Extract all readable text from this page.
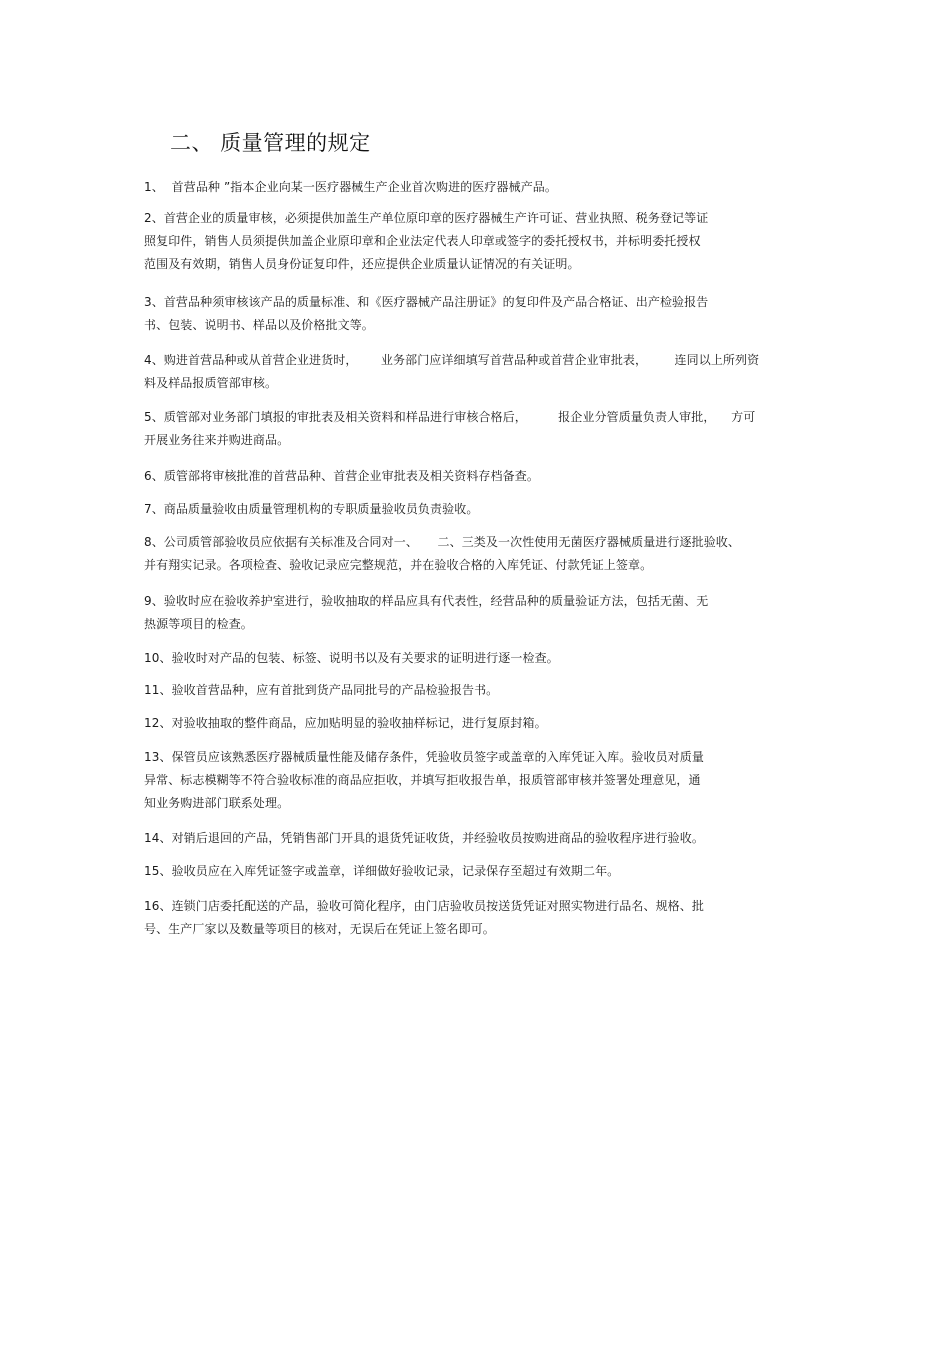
二、 质量管理的规定
1、  首营品种 ”指本企业向某一医疗器械生产企业首次购进的医疗器械产品。
2、首营企业的质量审核，必须提供加盖生产单位原印章的医疗器械生产许可证、营业执照、税务登记等证
照复印件，销售人员须提供加盖企业原印章和企业法定代表人印章或签字的委托授权书，并标明委托授权
范围及有效期，销售人员身份证复印件，还应提供企业质量认证情况的有关证明。
3、首营品种须审核该产品的质量标准、和《医疗器械产品注册证》的复印件及产品合格证、出产检验报告
书、包装、说明书、样品以及价格批文等。
4、购进首营品种或从首营企业进货时，      业务部门应详细填写首营品种或首营企业审批表，       连同以上所列资
料及样品报质管部审核。
5、质管部对业务部门填报的审批表及相关资料和样品进行审核合格后，        报企业分管质量负责人审批，    方可
开展业务往来并购进商品。
6、质管部将审核批准的首营品种、首营企业审批表及相关资料存档备查。
7、商品质量验收由质量管理机构的专职质量验收员负责验收。
8、公司质管部验收员应依据有关标准及合同对一、     二、三类及一次性使用无菌医疗器械质量进行逐批验收、
并有翔实记录。各项检查、验收记录应完整规范，并在验收合格的入库凭证、付款凭证上签章。
9、验收时应在验收养护室进行，验收抽取的样品应具有代表性，经营品种的质量验证方法，包括无菌、无
热源等项目的检查。
10、验收时对产品的包装、标签、说明书以及有关要求的证明进行逐一检查。
11、验收首营品种，应有首批到货产品同批号的产品检验报告书。
12、对验收抽取的整件商品，应加贴明显的验收抽样标记，进行复原封箱。
13、保管员应该熟悉医疗器械质量性能及储存条件，凭验收员签字或盖章的入库凭证入库。验收员对质量
异常、标志模糊等不符合验收标准的商品应拒收，并填写拒收报告单，报质管部审核并签署处理意见，通
知业务购进部门联系处理。
14、对销后退回的产品，凭销售部门开具的退货凭证收货，并经验收员按购进商品的验收程序进行验收。
15、验收员应在入库凭证签字或盖章，详细做好验收记录，记录保存至超过有效期二年。
16、连锁门店委托配送的产品，验收可简化程序，由门店验收员按送货凭证对照实物进行品名、规格、批
号、生产厂家以及数量等项目的核对，无误后在凭证上签名即可。
